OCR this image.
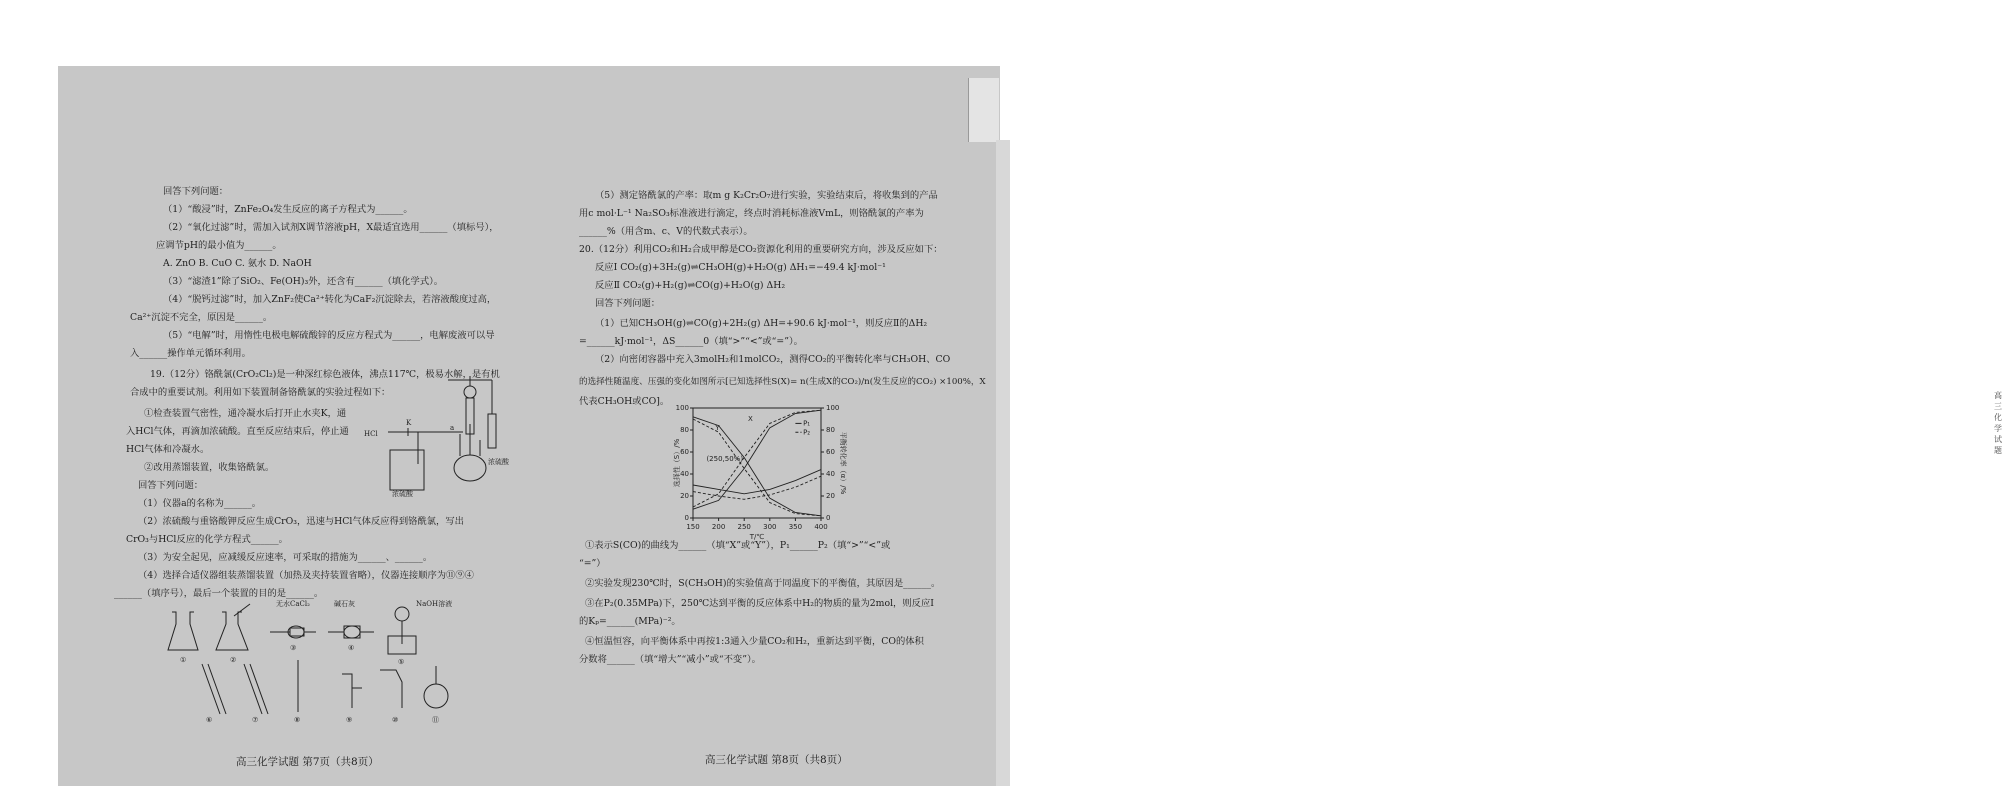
回答下列问题：
（1）“酸浸”时，ZnFe₂O₄发生反应的离子方程式为______。
（2）“氧化过滤”时，需加入试剂X调节溶液pH，X最适宜选用______（填标号），
应调节pH的最小值为______。
A. ZnO B. CuO C. 氨水 D. NaOH
（3）“滤渣1”除了SiO₂、Fe(OH)₃外，还含有______（填化学式）。
（4）“脱钙过滤”时，加入ZnF₂使Ca²⁺转化为CaF₂沉淀除去，若溶液酸度过高，
Ca²⁺沉淀不完全，原因是______。
（5）“电解”时，用惰性电极电解硫酸锌的反应方程式为______，电解废液可以导
入______操作单元循环利用。
19.（12分）铬酰氯(CrO₂Cl₂)是一种深红棕色液体，沸点117℃，极易水解，是有机
合成中的重要试剂。利用如下装置制备铬酰氯的实验过程如下：
①检查装置气密性，通冷凝水后打开止水夹K，通
入HCl气体，再滴加浓硫酸。直至反应结束后，停止通
HCl气体和冷凝水。
②改用蒸馏装置，收集铬酰氯。
回答下列问题：
（1）仪器a的名称为______。
（2）浓硫酸与重铬酸钾反应生成CrO₃，迅速与HCl气体反应得到铬酰氯，写出
CrO₃与HCl反应的化学方程式______。
（3）为安全起见，应减缓反应速率，可采取的措施为______、______。
（4）选择合适仪器组装蒸馏装置（加热及夹持装置省略），仪器连接顺序为⑪⑨④
______（填序号），最后一个装置的目的是______。
HCl
K
a
浓硫酸
浓硫酸
无水CaCl₂	碱石灰	NaOH溶液
①	②
③	④
⑤
⑥	⑦	⑧	⑨	⑩	⑪
高三化学试题 第7页（共8页）
（5）测定铬酰氯的产率：取m g K₂Cr₂O₇进行实验，实验结束后，将收集到的产品
用c mol·L⁻¹ Na₂SO₃标准液进行滴定，终点时消耗标准液VmL，则铬酰氯的产率为
______%（用含m、c、V的代数式表示）。
20.（12分）利用CO₂和H₂合成甲醇是CO₂资源化利用的重要研究方向，涉及反应如下：
反应Ⅰ CO₂(g)+3H₂(g)⇌CH₃OH(g)+H₂O(g) ΔH₁=−49.4 kJ·mol⁻¹
反应Ⅱ CO₂(g)+H₂(g)⇌CO(g)+H₂O(g) ΔH₂
回答下列问题：
（1）已知CH₃OH(g)⇌CO(g)+2H₂(g) ΔH=+90.6 kJ·mol⁻¹，则反应Ⅱ的ΔH₂
=______kJ·mol⁻¹，ΔS______0（填“>”“<”或“=”）。
（2）向密闭容器中充入3molH₂和1molCO₂，测得CO₂的平衡转化率与CH₃OH、CO
的选择性随温度、压强的变化如图所示[已知选择性S(X)= n(生成X的CO₂)/n(发生反应的CO₂) ×100%，X
代表CH₃OH或CO]。
150 200 250 300 350 400
0	0
20	20
40	40
60	60
80	80
100	100
T/℃
选择性（S）/%	平衡转化率（α）/%
Y
X
(250,50%)
P₁
P₂
①表示S(CO)的曲线为______（填“X”或“Y”），P₁______P₂（填“>”“<”或
“=”）
②实验发现230℃时，S(CH₃OH)的实验值高于同温度下的平衡值，其原因是______。
③在P₂(0.35MPa)下，250℃达到平衡的反应体系中H₂的物质的量为2mol，则反应Ⅰ
的Kₚ=______(MPa)⁻²。
④恒温恒容，向平衡体系中再按1:3通入少量CO₂和H₂，重新达到平衡，CO的体积
分数将______（填“增大”“减小”或“不变”）。
高三化学试题 第8页（共8页）
高三化学试题
